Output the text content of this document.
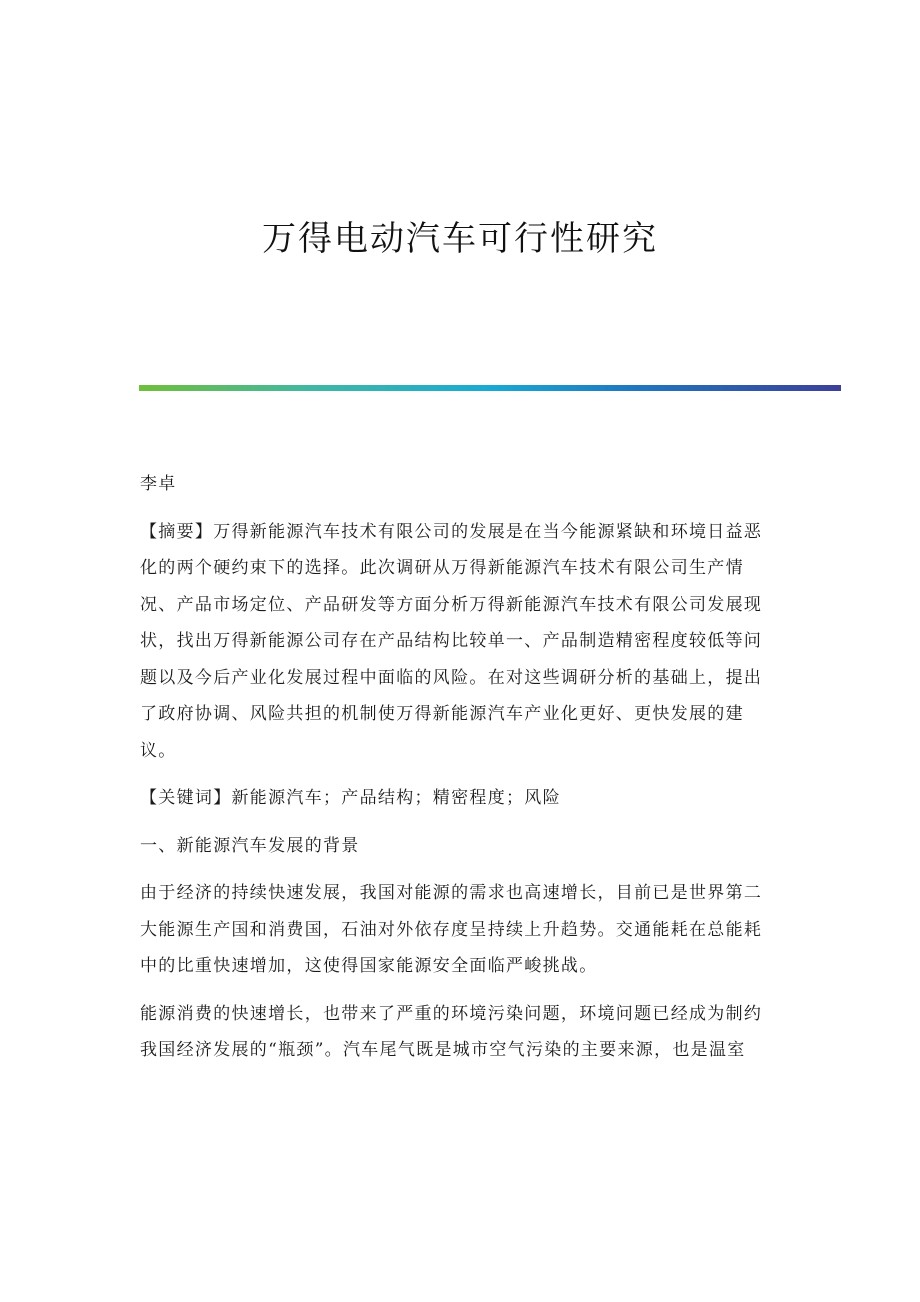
万得电动汽车可行性研究

李卓

【摘要】万得新能源汽车技术有限公司的发展是在当今能源紧缺和环境日益恶化的两个硬约束下的选择。此次调研从万得新能源汽车技术有限公司生产情况、产品市场定位、产品研发等方面分析万得新能源汽车技术有限公司发展现状，找出万得新能源公司存在产品结构比较单一、产品制造精密程度较低等问题以及今后产业化发展过程中面临的风险。在对这些调研分析的基础上，提出了政府协调、风险共担的机制使万得新能源汽车产业化更好、更快发展的建议。

【关键词】新能源汽车；产品结构；精密程度；风险

一、新能源汽车发展的背景

由于经济的持续快速发展，我国对能源的需求也高速增长，目前已是世界第二大能源生产国和消费国，石油对外依存度呈持续上升趋势。交通能耗在总能耗中的比重快速增加，这使得国家能源安全面临严峻挑战。

能源消费的快速增长，也带来了严重的环境污染问题，环境问题已经成为制约我国经济发展的“瓶颈”。汽车尾气既是城市空气污染的主要来源，也是温室
